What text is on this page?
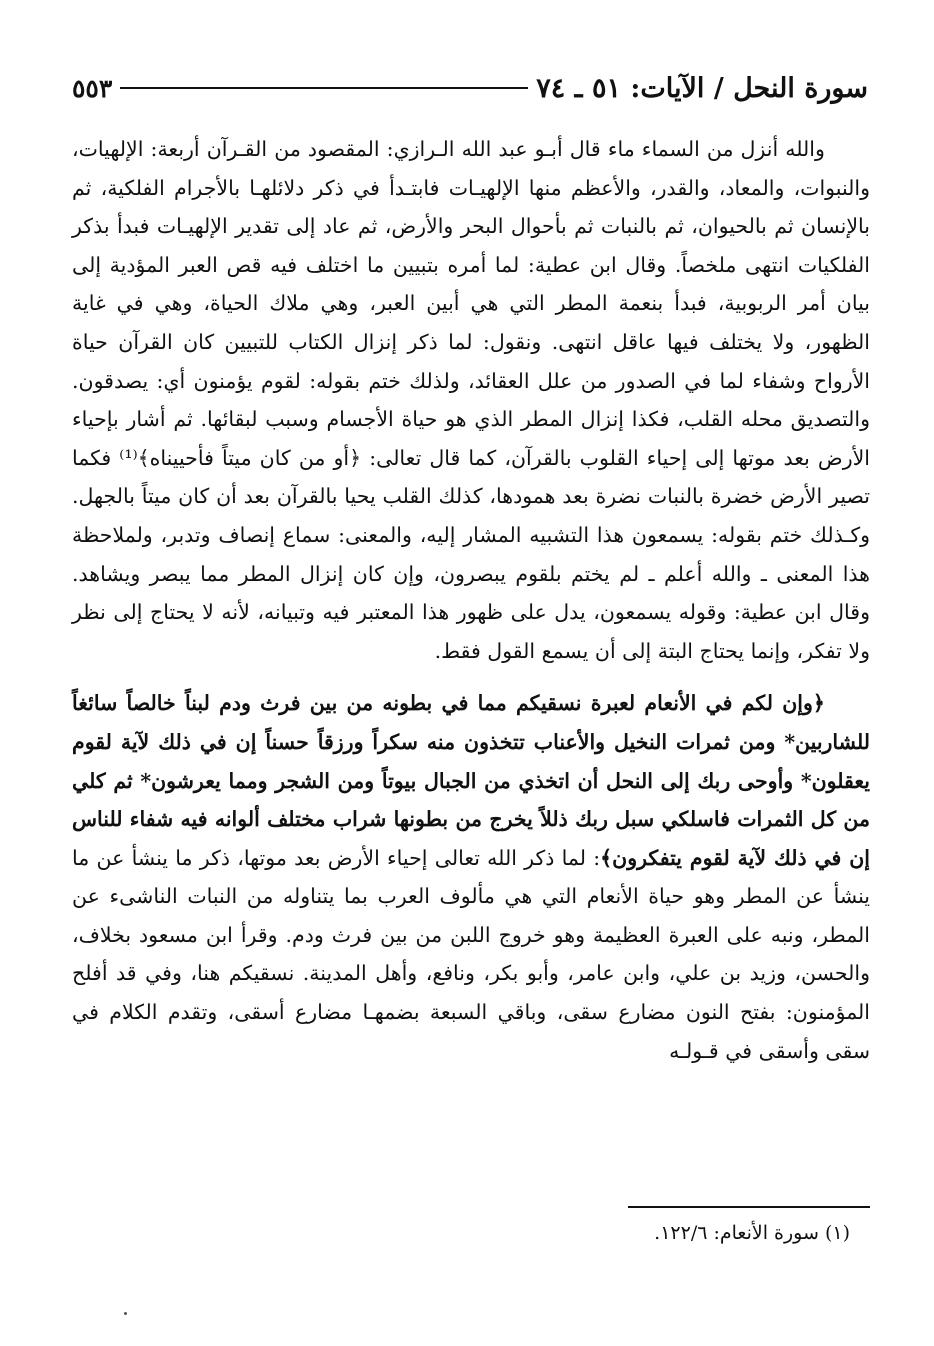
سورة النحل / الآيات: ٥١ ـ ٧٤
٥٥٣

والله أنزل من السماء ماء قال أبـو عبد الله الـرازي: المقصود من القـرآن أربعة: الإلهيات، والنبوات، والمعاد، والقدر، والأعظم منها الإلهيـات فابتـدأ في ذكر دلائلهـا بالأجرام الفلكية، ثم بالإنسان ثم بالحيوان، ثم بالنبات ثم بأحوال البحر والأرض، ثم عاد إلى تقدير الإلهيـات فبدأ بذكر الفلكيات انتهى ملخصاً. وقال ابن عطية: لما أمره بتبيين ما اختلف فيه قص العبر المؤدية إلى بيان أمر الربوبية، فبدأ بنعمة المطر التي هي أبين العبر، وهي ملاك الحياة، وهي في غاية الظهور، ولا يختلف فيها عاقل انتهى. ونقول: لما ذكر إنزال الكتاب للتبيين كان القرآن حياة الأرواح وشفاء لما في الصدور من علل العقائد، ولذلك ختم بقوله: لقوم يؤمنون أي: يصدقون. والتصديق محله القلب، فكذا إنزال المطر الذي هو حياة الأجسام وسبب لبقائها. ثم أشار بإحياء الأرض بعد موتها إلى إحياء القلوب بالقرآن، كما قال تعالى: ﴿أو من كان ميتاً فأحييناه﴾⁽¹⁾ فكما تصير الأرض خضرة بالنبات نضرة بعد همودها، كذلك القلب يحيا بالقرآن بعد أن كان ميتاً بالجهل. وكـذلك ختم بقوله: يسمعون هذا التشبيه المشار إليه، والمعنى: سماع إنصاف وتدبر، ولملاحظة هذا المعنى ـ والله أعلم ـ لم يختم بلقوم يبصرون، وإن كان إنزال المطر مما يبصر ويشاهد. وقال ابن عطية: وقوله يسمعون، يدل على ظهور هذا المعتبر فيه وتبيانه، لأنه لا يحتاج إلى نظر ولا تفكر، وإنما يحتاج البتة إلى أن يسمع القول فقط.

﴿وإن لكم في الأنعام لعبرة نسقيكم مما في بطونه من بين فرث ودم لبناً خالصاً سائغاً للشاربين* ومن ثمرات النخيل والأعناب تتخذون منه سكراً ورزقاً حسناً إن في ذلك لآية لقوم يعقلون* وأوحى ربك إلى النحل أن اتخذي من الجبال بيوتاً ومن الشجر ومما يعرشون* ثم كلي من كل الثمرات فاسلكي سبل ربك ذللاً يخرج من بطونها شراب مختلف ألوانه فيه شفاء للناس إن في ذلك لآية لقوم يتفكرون﴾: لما ذكر الله تعالى إحياء الأرض بعد موتها، ذكر ما ينشأ عن ما ينشأ عن المطر وهو حياة الأنعام التي هي مألوف العرب بما يتناوله من النبات الناشىء عن المطر، ونبه على العبرة العظيمة وهو خروج اللبن من بين فرث ودم. وقرأ ابن مسعود بخلاف، والحسن، وزيد بن علي، وابن عامر، وأبو بكر، ونافع، وأهل المدينة. نسقيكم هنا، وفي قد أفلح المؤمنون: بفتح النون مضارع سقى، وباقي السبعة بضمهـا مضارع أسقى، وتقدم الكلام في سقى وأسقى في قـولـه

(١) سورة الأنعام: ١٢٢/٦.
